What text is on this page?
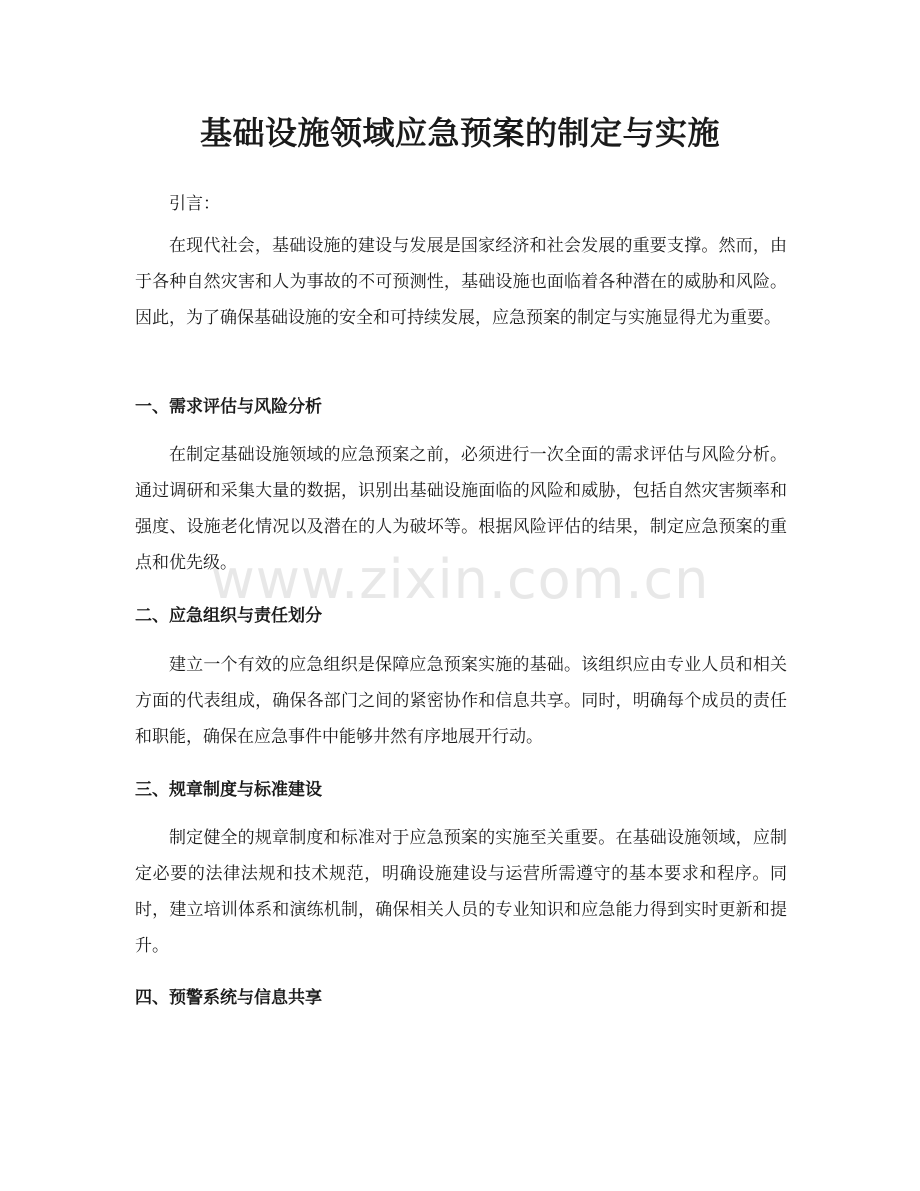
www.zixin.com.cn
基础设施领域应急预案的制定与实施

引言：

在现代社会，基础设施的建设与发展是国家经济和社会发展的重要支撑。然而，由于各种自然灾害和人为事故的不可预测性，基础设施也面临着各种潜在的威胁和风险。因此，为了确保基础设施的安全和可持续发展，应急预案的制定与实施显得尤为重要。

一、需求评估与风险分析

在制定基础设施领域的应急预案之前，必须进行一次全面的需求评估与风险分析。通过调研和采集大量的数据，识别出基础设施面临的风险和威胁，包括自然灾害频率和强度、设施老化情况以及潜在的人为破坏等。根据风险评估的结果，制定应急预案的重点和优先级。

二、应急组织与责任划分

建立一个有效的应急组织是保障应急预案实施的基础。该组织应由专业人员和相关方面的代表组成，确保各部门之间的紧密协作和信息共享。同时，明确每个成员的责任和职能，确保在应急事件中能够井然有序地展开行动。

三、规章制度与标准建设

制定健全的规章制度和标准对于应急预案的实施至关重要。在基础设施领域，应制定必要的法律法规和技术规范，明确设施建设与运营所需遵守的基本要求和程序。同时，建立培训体系和演练机制，确保相关人员的专业知识和应急能力得到实时更新和提升。

四、预警系统与信息共享
